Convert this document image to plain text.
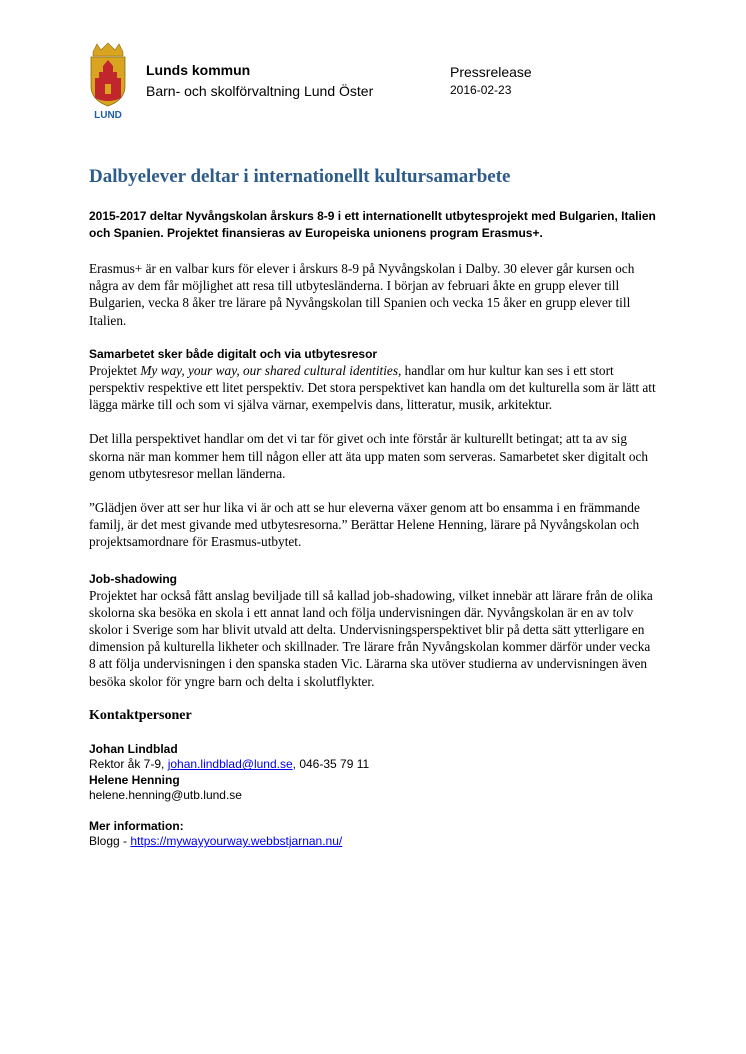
LUND
Lunds kommun
Barn- och skolförvaltning Lund Öster
Pressrelease
2016-02-23
Dalbyelever deltar i internationellt kultursamarbete

2015-2017 deltar Nyvångskolan årskurs 8-9 i ett internationellt utbytesprojekt med Bulgarien, Italien och Spanien. Projektet finansieras av Europeiska unionens program Erasmus+.

Erasmus+ är en valbar kurs för elever i årskurs 8-9 på Nyvångskolan i Dalby. 30 elever går kursen och några av dem får möjlighet att resa till utbytesländerna. I början av februari åkte en grupp elever till Bulgarien, vecka 8 åker tre lärare på Nyvångskolan till Spanien och vecka 15 åker en grupp elever till Italien.

Samarbetet sker både digitalt och via utbytesresor

Projektet My way, your way, our shared cultural identities, handlar om hur kultur kan ses i ett stort perspektiv respektive ett litet perspektiv. Det stora perspektivet kan handla om det kulturella som är lätt att lägga märke till och som vi själva värnar, exempelvis dans, litteratur, musik, arkitektur.

Det lilla perspektivet handlar om det vi tar för givet och inte förstår är kulturellt betingat; att ta av sig skorna när man kommer hem till någon eller att äta upp maten som serveras. Samarbetet sker digitalt och genom utbytesresor mellan länderna.

”Glädjen över att ser hur lika vi är och att se hur eleverna växer genom att bo ensamma i en främmande familj, är det mest givande med utbytesresorna.” Berättar Helene Henning, lärare på Nyvångskolan och projektsamordnare för Erasmus-utbytet.

Job-shadowing

Projektet har också fått anslag beviljade till så kallad job-shadowing, vilket innebär att lärare från de olika skolorna ska besöka en skola i ett annat land och följa undervisningen där. Nyvångskolan är en av tolv skolor i Sverige som har blivit utvald att delta. Undervisningsperspektivet blir på detta sätt ytterligare en dimension på kulturella likheter och skillnader. Tre lärare från Nyvångskolan kommer därför under vecka 8 att följa undervisningen i den spanska staden Vic. Lärarna ska utöver studierna av undervisningen även besöka skolor för yngre barn och delta i skolutflykter.

Kontaktpersoner

Johan Lindblad

Rektor åk 7-9, johan.lindblad@lund.se, 046-35 79 11

Helene Henning

helene.henning@utb.lund.se

Mer information:

Blogg - https://mywayyourway.webbstjarnan.nu/
